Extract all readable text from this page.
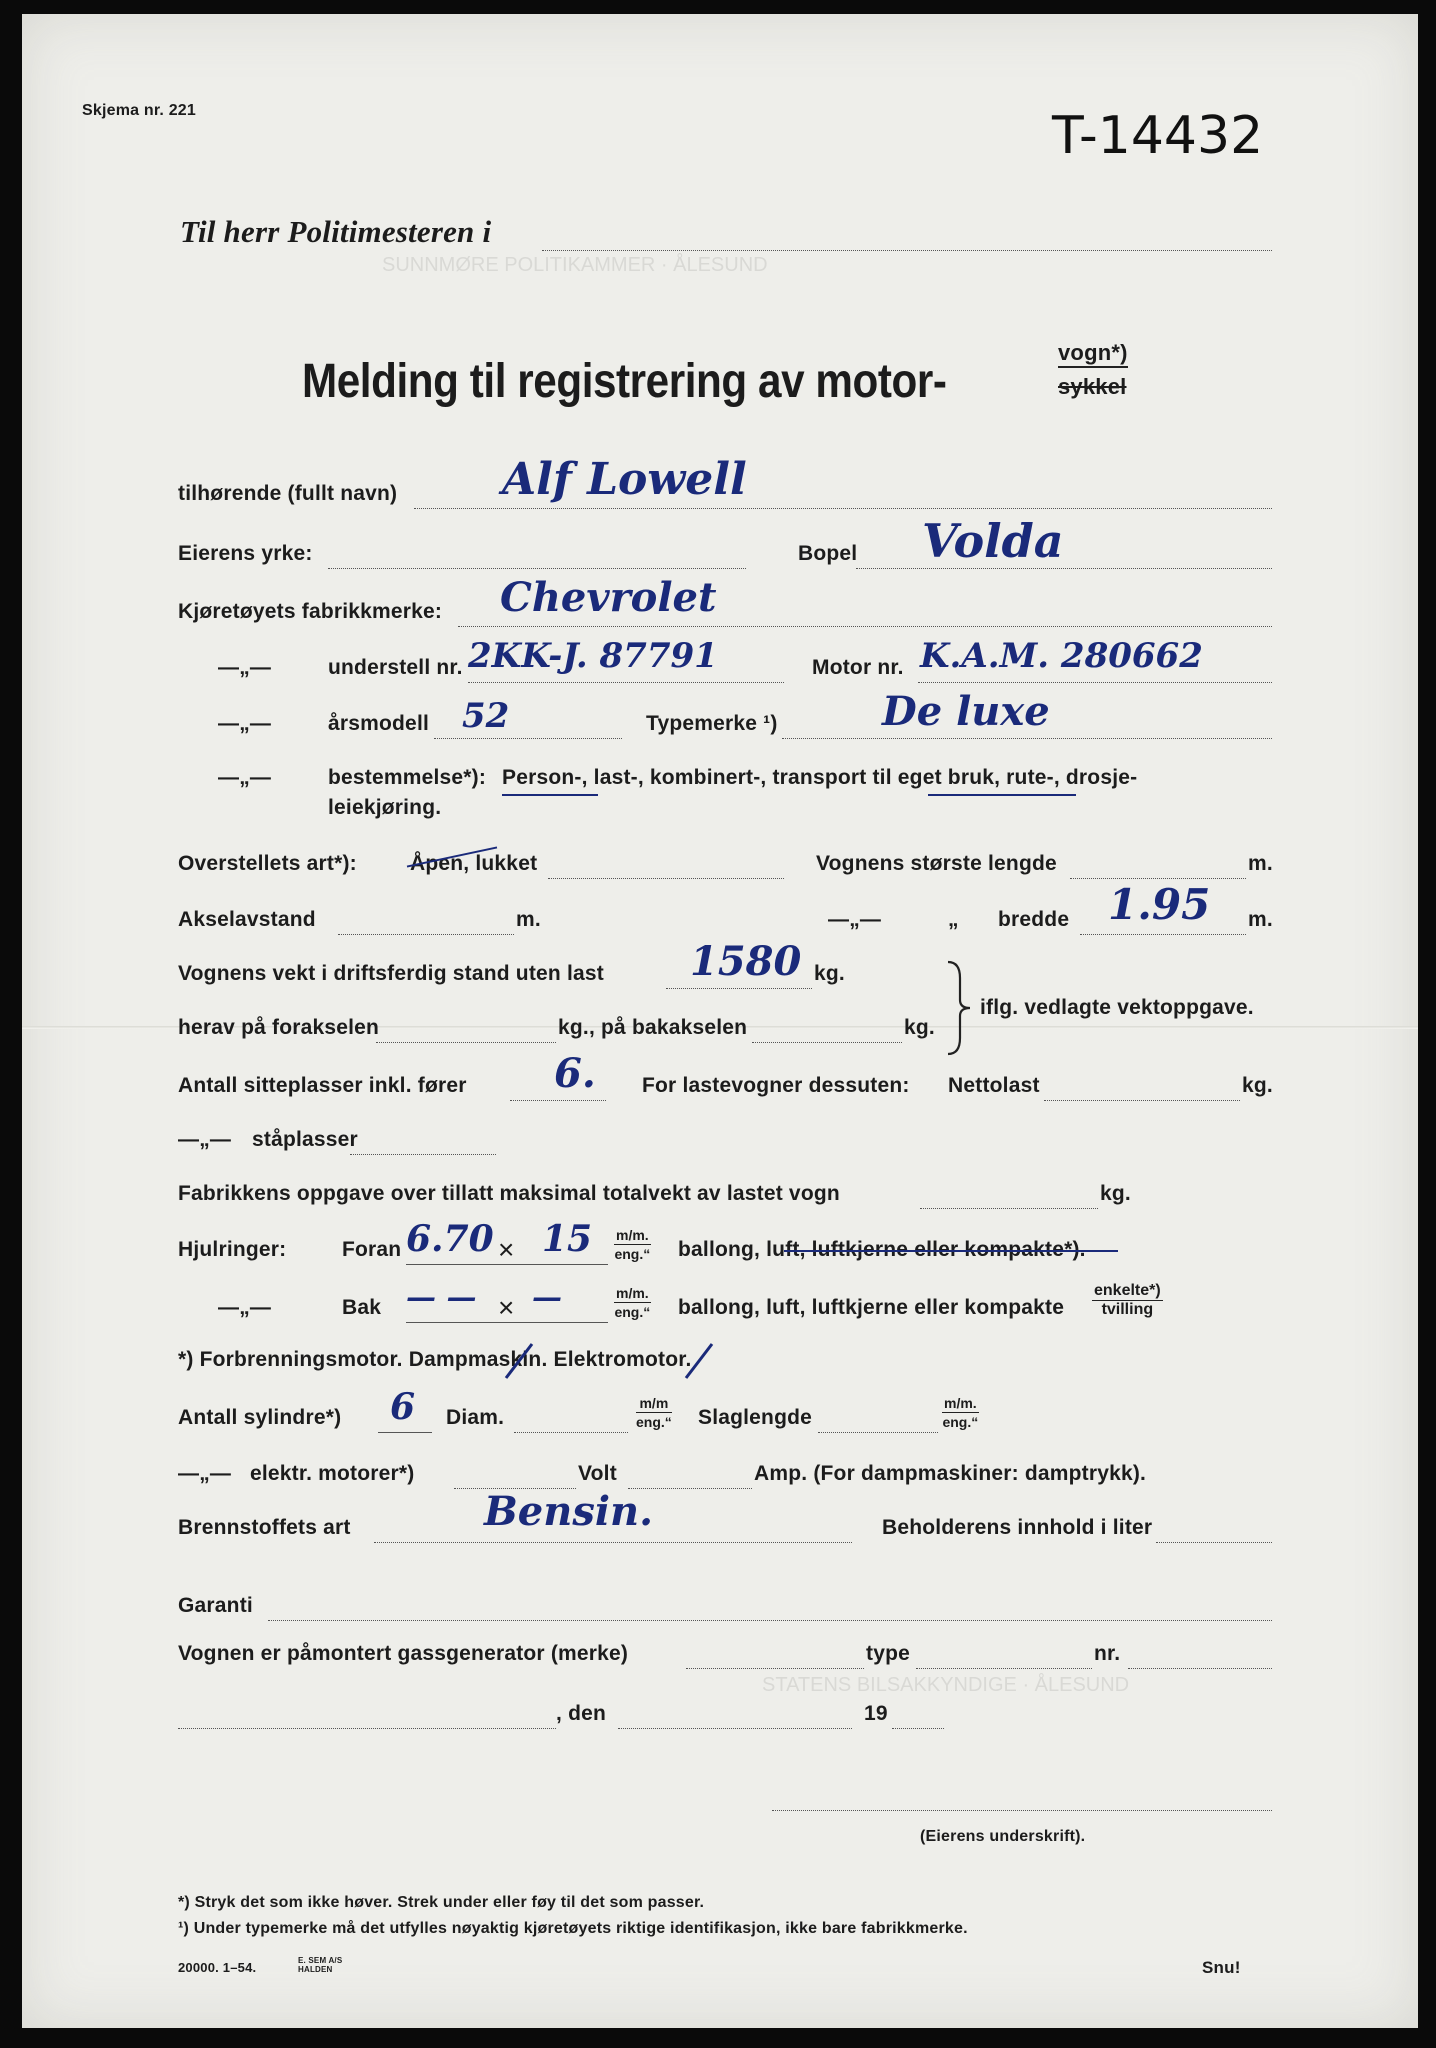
SUNNMØRE POLITIKAMMER · ÅLESUND
STATENS BILSAKKYNDIGE · ÅLESUND
Skjema nr. 221	T-14432
Til herr Politimesteren i
Melding til registrering av motor-
vogn*)
sykkel
tilhørende (fullt navn) Alf Lowell
Eierens yrke:	Bopel Volda
Kjøretøyets fabrikkmerke: Chevrolet
—„—	understell nr. 2KK-J. 87791	Motor nr. K.A.M. 280662
—„—	årsmodell 52	Typemerke ¹)	De luxe
—„—	bestemmelse*): Person-, last-, kombinert-, transport til eget bruk, rute-, drosje-
leiekjøring.
Overstellets art*):	Åpen, lukket	Vognens største lengde	m.
Akselavstand	m.	—„—	„ bredde 1.95 m.
Vognens vekt i driftsferdig stand uten last 1580 kg.
herav på forakselen	kg., på bakakselen	kg.
iflg. vedlagte vektoppgave.
Antall sitteplasser inkl. fører 6. For lastevogner dessuten: Nettolast	kg.
—„— ståplasser
Fabrikkens oppgave over tillatt maksimal totalvekt av lastet vogn	kg.
Hjulringer:	Foran 6.70 × 15 m/m.
eng.“ ballong, luft, luftkjerne eller kompakte*).
—„—	Bak — — × —	m/m.
eng.“ ballong, luft, luftkjerne eller kompakte
enkelte*)
tvilling
*) Forbrenningsmotor. Dampmaskin. Elektromotor.
Antall sylindre*) 6 Diam.
m/m
eng.“ Slaglengde
m/m.
eng.“
—„— elektr. motorer*)	Volt	Amp. (For dampmaskiner: damptrykk).
Brennstoffets art	Bensin.	Beholderens innhold i liter
Garanti
Vognen er påmontert gassgenerator (merke)	type	nr.
, den	19
(Eierens underskrift).
*) Stryk det som ikke høver. Strek under eller føy til det som passer.
¹) Under typemerke må det utfylles nøyaktig kjøretøyets riktige identifikasjon, ikke bare fabrikkmerke.
20000. 1–54.	E. SEM A/S HALDEN	Snu!
